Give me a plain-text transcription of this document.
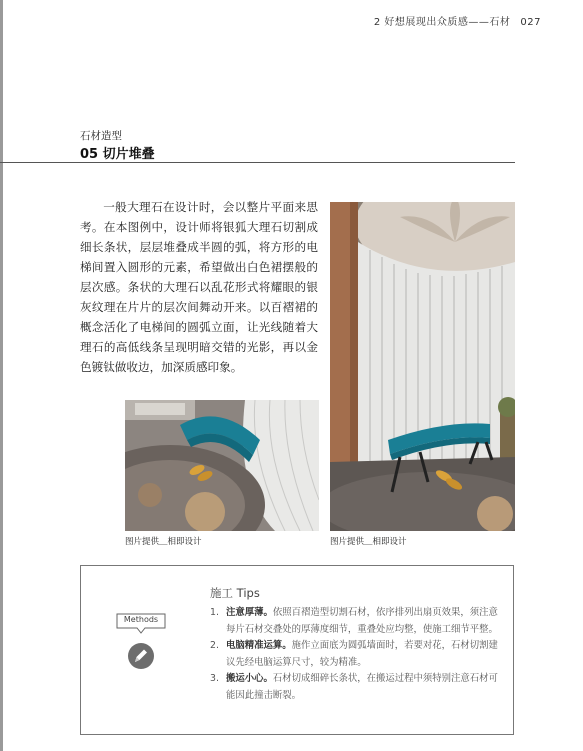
2 好想展现出众质感——石材 027
石材造型
05 切片堆叠

一般大理石在设计时，会以整片平面来思考。在本图例中，设计师将银狐大理石切割成细长条状，层层堆叠成半圆的弧，将方形的电梯间置入圆形的元素，希望做出白色裙摆般的层次感。条状的大理石以乱花形式将耀眼的银灰纹理在片片的层次间舞动开来。以百褶裙的概念活化了电梯间的圆弧立面，让光线随着大理石的高低线条呈现明暗交错的光影，再以金色镀钛做收边，加深质感印象。

图片提供＿相即设计	图片提供＿相即设计
Methods
施工 Tips
1. 注意厚薄。依照百褶造型切割石材，依序排列出扇页效果，须注意每片石材交叠处的厚薄度细节，重叠处应均整，使施工细节平整。
2. 电脑精准运算。施作立面底为圆弧墙面时，若要对花，石材切割建议先经电脑运算尺寸，较为精准。
3. 搬运小心。石材切成细碎长条状，在搬运过程中须特别注意石材可能因此撞击断裂。
